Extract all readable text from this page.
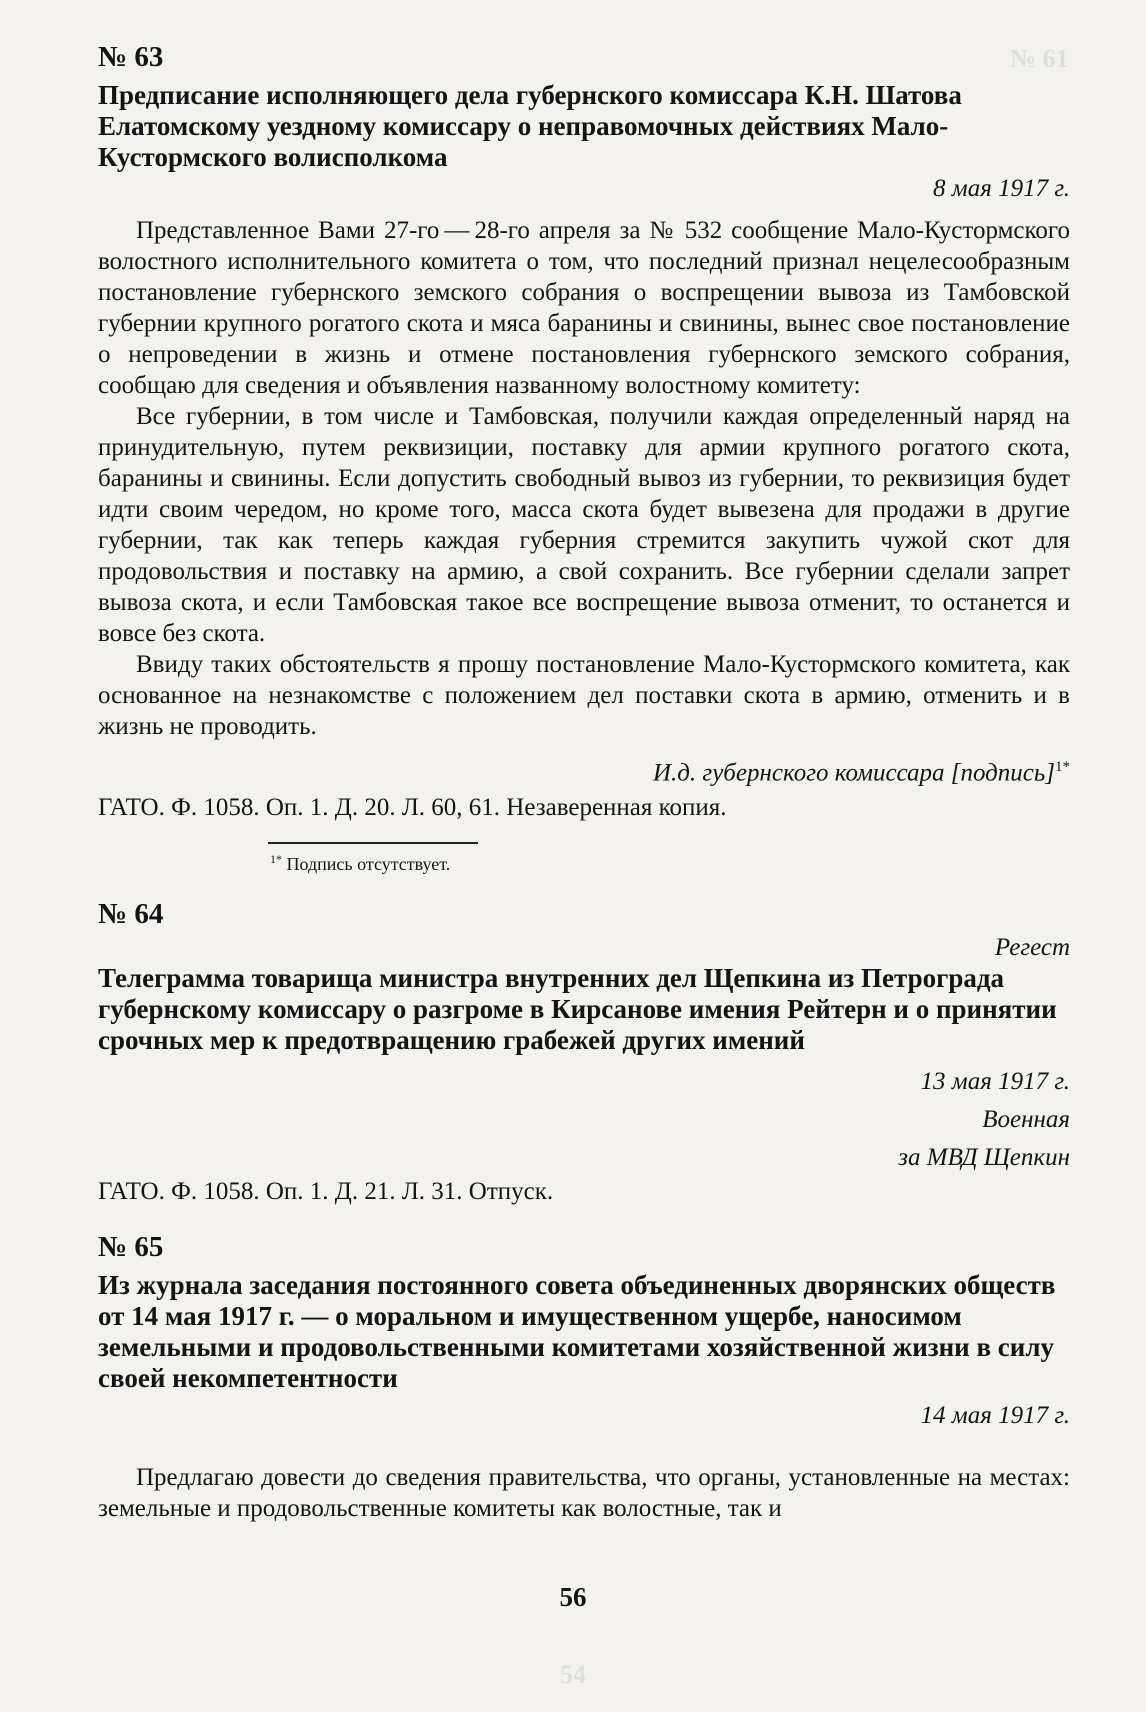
№ 61
54
№ 63
Предписание исполняющего дела губернского комиссара К.Н. Шатова Елатомскому уездному комиссару о неправомочных действиях Мало-Кустормского волисполкома
8 мая 1917 г.

Представленное Вами 27-го — 28-го апреля за № 532 сообщение Мало-Кустормского волостного исполнительного комитета о том, что последний признал нецелесообразным постановление губернского земского собрания о воспрещении вывоза из Тамбовской губернии крупного рогатого скота и мяса баранины и свинины, вынес свое постановление о непроведении в жизнь и отмене постановления губернского земского собрания, сообщаю для сведения и объявления названному волостному комитету:

Все губернии, в том числе и Тамбовская, получили каждая определенный наряд на принудительную, путем реквизиции, поставку для армии крупного рогатого скота, баранины и свинины. Если допустить свободный вывоз из губернии, то реквизиция будет идти своим чередом, но кроме того, масса скота будет вывезена для продажи в другие губернии, так как теперь каждая губерния стремится закупить чужой скот для продовольствия и поставку на армию, а свой сохранить. Все губернии сделали запрет вывоза скота, и если Тамбовская такое все воспрещение вывоза отменит, то останется и вовсе без скота.

Ввиду таких обстоятельств я прошу постановление Мало-Кустормского комитета, как основанное на незнакомстве с положением дел поставки скота в армию, отменить и в жизнь не проводить.

И.д. губернского комиссара [подпись]$^{1*}$
ГАТО. Ф. 1058. Оп. 1. Д. 20. Л. 60, 61. Незаверенная копия.
$^{1*}$ Подпись отсутствует.
№ 64
Регест
Телеграмма товарища министра внутренних дел Щепкина из Петрограда губернскому комиссару о разгроме в Кирсанове имения Рейтерн и о принятии срочных мер к предотвращению грабежей других имений
13 мая 1917 г.
Военная
за МВД Щепкин
ГАТО. Ф. 1058. Оп. 1. Д. 21. Л. 31. Отпуск.
№ 65
Из журнала заседания постоянного совета объединенных дворянских обществ от 14 мая 1917 г. — о моральном и имущественном ущербе, наносимом земельными и продовольственными комитетами хозяйственной жизни в силу своей некомпетентности
14 мая 1917 г.

Предлагаю довести до сведения правительства, что органы, установленные на местах: земельные и продовольственные комитеты как волостные, так и

56
